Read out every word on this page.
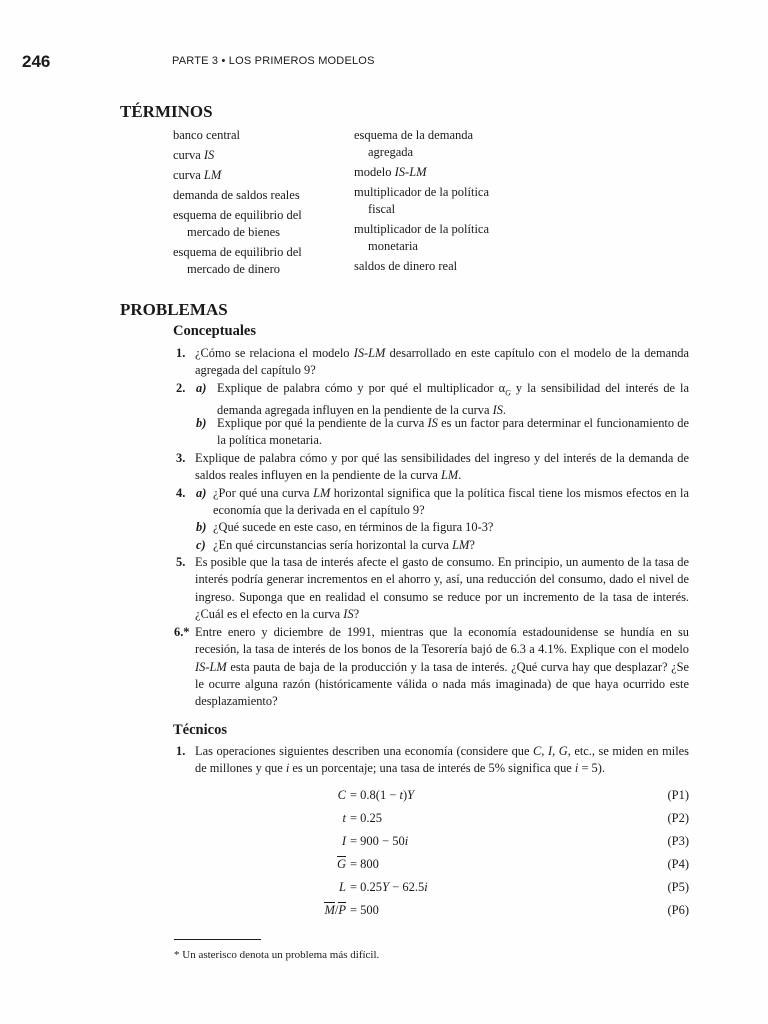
246	PARTE 3 • LOS PRIMEROS MODELOS
TÉRMINOS
banco central
curva IS
curva LM
demanda de saldos reales
esquema de equilibrio del
mercado de bienes
esquema de equilibrio del
mercado de dinero
esquema de la demanda
agregada
modelo IS-LM
multiplicador de la política
fiscal
multiplicador de la política
monetaria
saldos de dinero real
PROBLEMAS
Conceptuales
1. ¿Cómo se relaciona el modelo IS-LM desarrollado en este capítulo con el modelo de la demanda agregada del capítulo 9?
2. a) Explique de palabra cómo y por qué el multiplicador $\alpha_G$ y la sensibilidad del interés de la demanda agregada influyen en la pendiente de la curva IS.
b) Explique por qué la pendiente de la curva IS es un factor para determinar el funcionamiento de la política monetaria.
3. Explique de palabra cómo y por qué las sensibilidades del ingreso y del interés de la demanda de saldos reales influyen en la pendiente de la curva LM.
4. a) ¿Por qué una curva LM horizontal significa que la política fiscal tiene los mismos efectos en la economía que la derivada en el capítulo 9?
b) ¿Qué sucede en este caso, en términos de la figura 10-3?
c) ¿En qué circunstancias sería horizontal la curva LM?
5. Es posible que la tasa de interés afecte el gasto de consumo. En principio, un aumento de la tasa de interés podría generar incrementos en el ahorro y, así, una reducción del consumo, dado el nivel de ingreso. Suponga que en realidad el consumo se reduce por un incremento de la tasa de interés. ¿Cuál es el efecto en la curva IS?
6.* Entre enero y diciembre de 1991, mientras que la economía estadounidense se hundía en su recesión, la tasa de interés de los bonos de la Tesorería bajó de 6.3 a 4.1%. Explique con el modelo IS-LM esta pauta de baja de la producción y la tasa de interés. ¿Qué curva hay que desplazar? ¿Se le ocurre alguna razón (históricamente válida o nada más imaginada) de que haya ocurrido este desplazamiento?
Técnicos
1. Las operaciones siguientes describen una economía (considere que C, I, G, etc., se miden en miles de millones y que i es un porcentaje; una tasa de interés de 5% significa que i = 5).
C = 0.8(1 − t)Y	(P1)
t = 0.25	(P2)
I = 900 − 50i	(P3)
G = 800	(P4)
L = 0.25Y − 62.5i	(P5)
M/P = 500	(P6)
* Un asterisco denota un problema más difícil.
